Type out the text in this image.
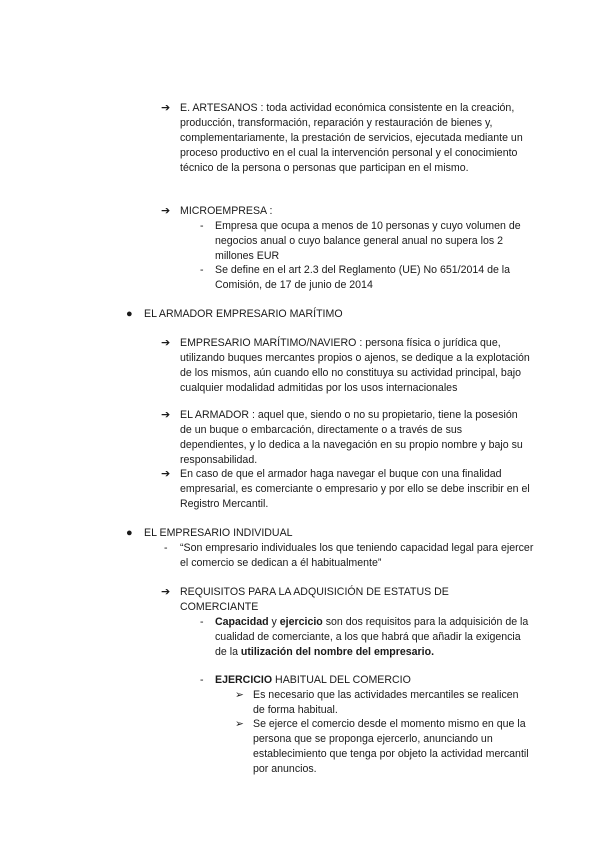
➔ E. ARTESANOS : toda actividad económica consistente en la creación, producción, transformación, reparación y restauración de bienes y, complementariamente, la prestación de servicios, ejecutada mediante un proceso productivo en el cual la intervención personal y el conocimiento técnico de la persona o personas que participan en el mismo.
➔ MICROEMPRESA :
-	Empresa que ocupa a menos de 10 personas y cuyo volumen de negocios anual o cuyo balance general anual no supera los 2 millones EUR
-	Se define en el art 2.3 del Reglamento (UE) No 651/2014 de la Comisión, de 17 de junio de 2014
●	EL ARMADOR EMPRESARIO MARÍTIMO
➔ EMPRESARIO MARÍTIMO/NAVIERO : persona física o jurídica que, utilizando buques mercantes propios o ajenos, se dedique a la explotación de los mismos, aún cuando ello no constituya su actividad principal, bajo cualquier modalidad admitidas por los usos internacionales
➔ EL ARMADOR : aquel que, siendo o no su propietario, tiene la posesión de un buque o embarcación, directamente o a través de sus dependientes, y lo dedica a la navegación en su propio nombre y bajo su responsabilidad.
➔ En caso de que el armador haga navegar el buque con una finalidad empresarial, es comerciante o empresario y por ello se debe inscribir en el Registro Mercantil.
●	EL EMPRESARIO INDIVIDUAL
-	“Son empresario individuales los que teniendo capacidad legal para ejercer el comercio se dedican a él habitualmente”
➔ REQUISITOS PARA LA ADQUISICIÓN DE ESTATUS DE COMERCIANTE
-	Capacidad y ejercicio son dos requisitos para la adquisición de la cualidad de comerciante, a los que habrá que añadir la exigencia de la utilización del nombre del empresario.
-	EJERCICIO HABITUAL DEL COMERCIO
➢ Es necesario que las actividades mercantiles se realicen de forma habitual.
➢ Se ejerce el comercio desde el momento mismo en que la persona que se proponga ejercerlo, anunciando un establecimiento que tenga por objeto la actividad mercantil por anuncios.
